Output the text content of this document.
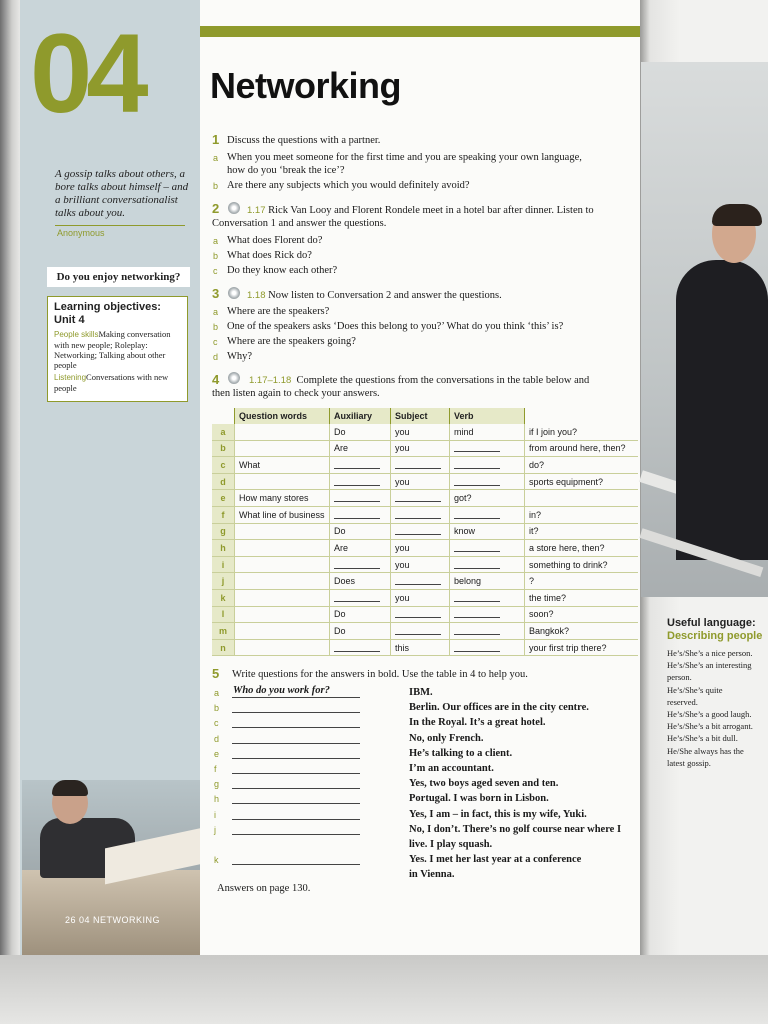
04
A gossip talks about others, a bore talks about himself – and a brilliant conversationalist talks about you.
Anonymous
Do you enjoy networking?
Learning objectives: Unit 4
People skillsMaking conversation with new people; Roleplay: Networking; Talking about other people
ListeningConversations with new people
26 04 NETWORKING
Networking
1 Discuss the questions with a partner.
a When you meet someone for the first time and you are speaking your own language,
how do you ‘break the ice’?
b Are there any subjects which you would definitely avoid?
2	1.17 Rick Van Looy and Florent Rondele meet in a hotel bar after dinner. Listen to
Conversation 1 and answer the questions.
a What does Florent do?
b What does Rick do?
c Do they know each other?
3	1.18 Now listen to Conversation 2 and answer the questions.
a Where are the speakers?
b One of the speakers asks ‘Does this belong to you?’ What do you think ‘this’ is?
c Where are the speakers going?
d Why?
4	1.17–1.18 Complete the questions from the conversations in the table below and
then listen again to check your answers.
	Question words	Auxiliary	Subject	Verb	
a		Do	you	mind	if I join you?
b		Are	you		from around here, then?
c	What				do?
d			you		sports equipment?
e	How many stores			got?	
f	What line of business				in?
g		Do		know	it?
h		Are	you		a store here, then?
i			you		something to drink?
j		Does		belong	?
k			you		the time?
l		Do			soon?
m		Do			Bangkok?
n			this		your first trip there?
5 Write questions for the answers in bold. Use the table in 4 to help you.
a	IBM.
b	Berlin. Our offices are in the city centre.
c	In the Royal. It’s a great hotel.
d	No, only French.
e	He’s talking to a client.
f	I’m an accountant.
g	Yes, two boys aged seven and ten.
h	Portugal. I was born in Lisbon.
i	Yes, I am – in fact, this is my wife, Yuki.
j	No, I don’t. There’s no golf course near where I
live. I play squash.
k	Yes. I met her last year at a conference
in Vienna.
Who do you work for?
Answers on page 130.
Useful language:
Describing people
He’s/She’s a nice person.
He’s/She’s an interesting
person.
He’s/She’s quite
reserved.
He’s/She’s a good laugh.
He’s/She’s a bit arrogant.
He’s/She’s a bit dull.
He/She always has the
latest gossip.
